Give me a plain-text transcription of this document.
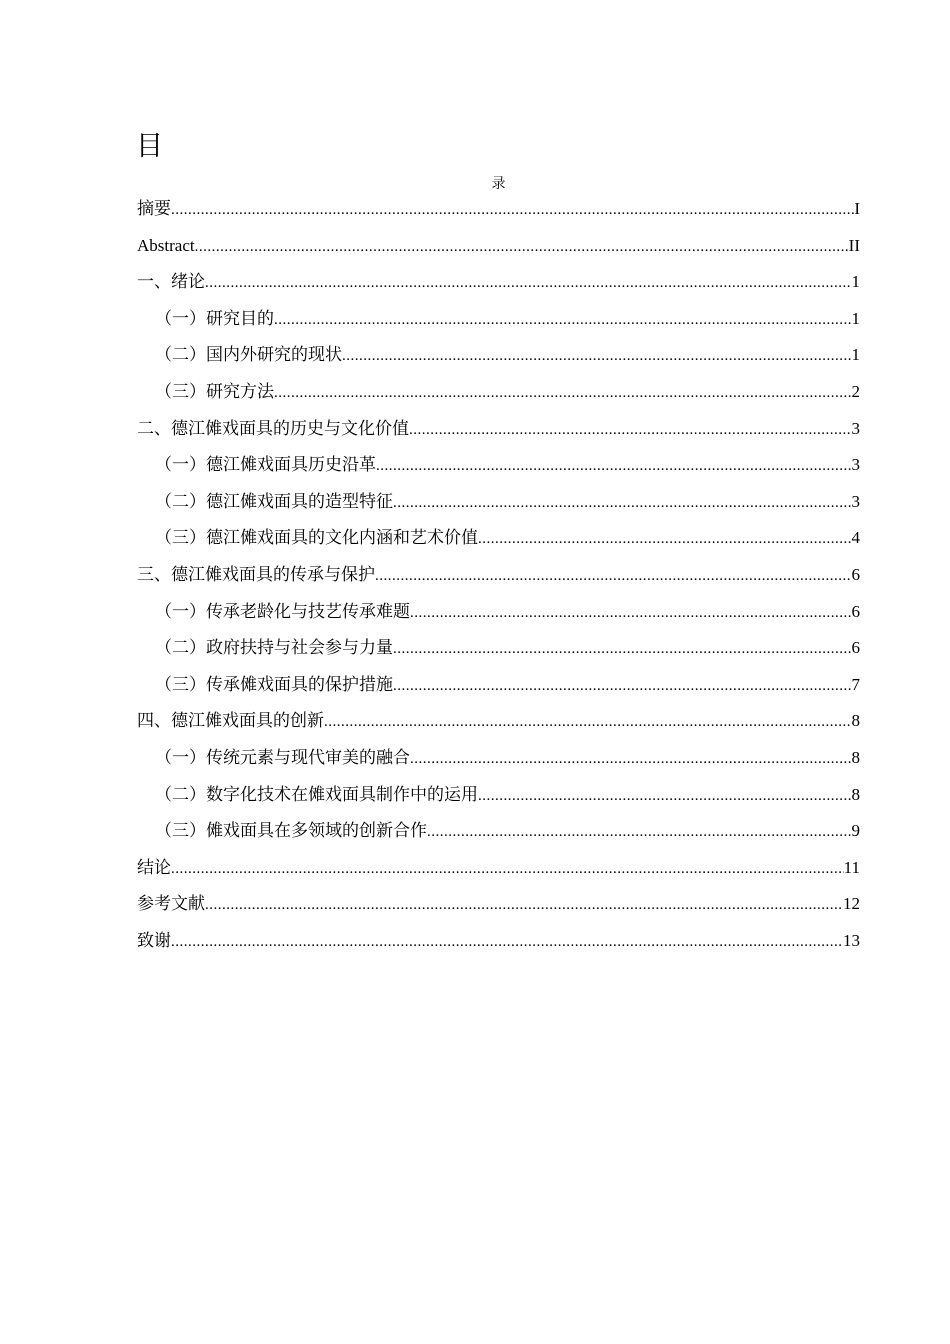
目
录
摘要 .....	I
Abstract .....	II
一、绪论 .....	1
（一）研究目的 .....	1
（二）国内外研究的现状 .....	1
（三）研究方法 .....	2
二、德江傩戏面具的历史与文化价值 .....	3
（一）德江傩戏面具历史沿革 .....	3
（二）德江傩戏面具的造型特征 .....	3
（三）德江傩戏面具的文化内涵和艺术价值 .....	4
三、德江傩戏面具的传承与保护 .....	6
（一）传承老龄化与技艺传承难题 .....	6
（二）政府扶持与社会参与力量 .....	6
（三）传承傩戏面具的保护措施 .....	7
四、德江傩戏面具的创新 .....	8
（一）传统元素与现代审美的融合 .....	8
（二）数字化技术在傩戏面具制作中的运用 .....	8
（三）傩戏面具在多领域的创新合作 .....	9
结论 .....	11
参考文献 .....	12
致谢 .....	13
